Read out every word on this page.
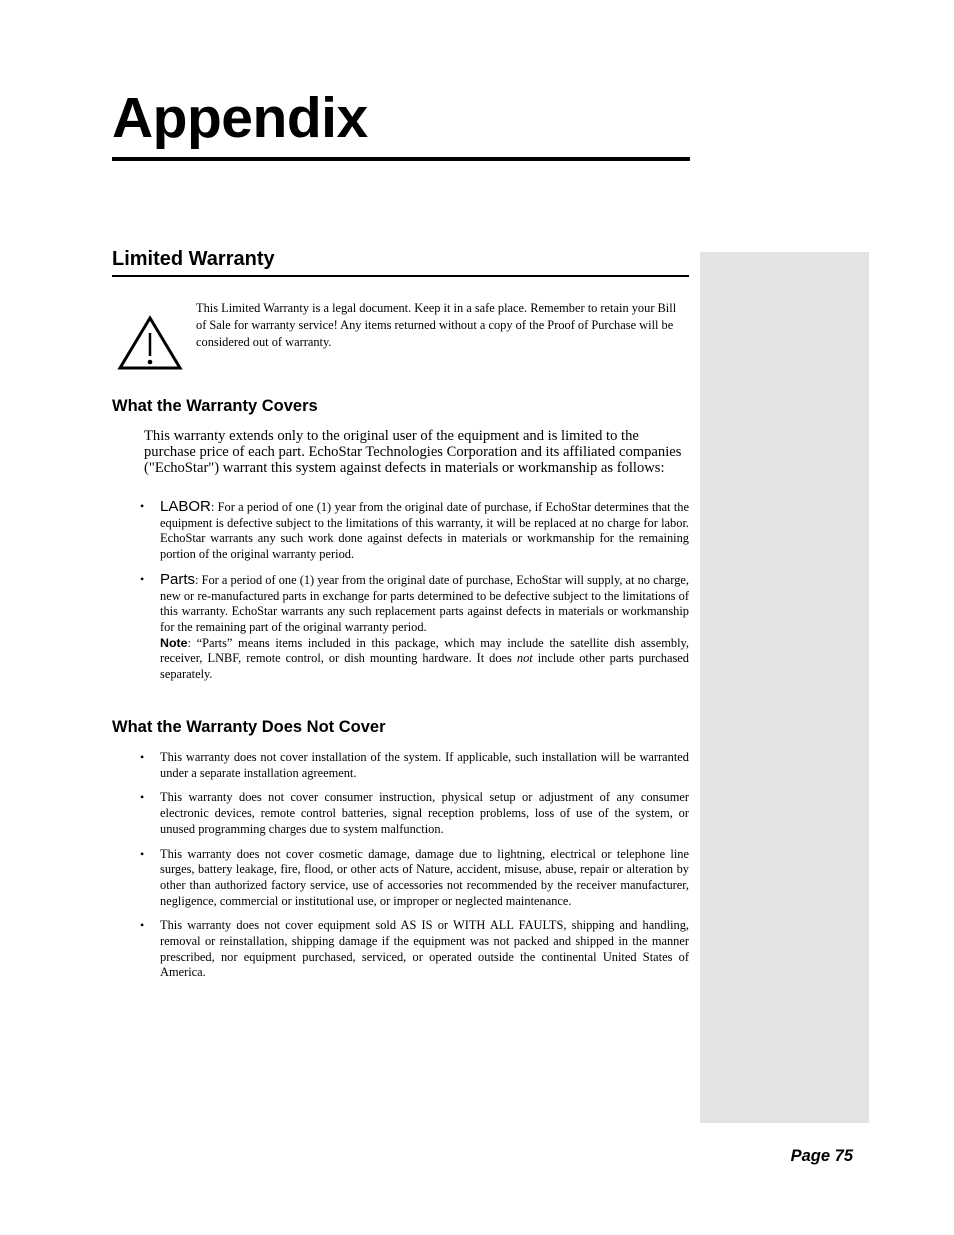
Appendix
Limited Warranty

This Limited Warranty is a legal document. Keep it in a safe place. Remember to retain your Bill of Sale for warranty service! Any items returned without a copy of the Proof of Purchase will be considered out of warranty.

What the Warranty Covers

This warranty extends only to the original user of the equipment and is limited to the purchase price of each part. EchoStar Technologies Corporation and its affiliated companies ("EchoStar") warrant this system against defects in materials or workmanship as follows:

• LABOR: For a period of one (1) year from the original date of purchase, if EchoStar determines that the equipment is defective subject to the limitations of this warranty, it will be replaced at no charge for labor. EchoStar warrants any such work done against defects in materials or workmanship for the remaining portion of the original warranty period.
• Parts: For a period of one (1) year from the original date of purchase, EchoStar will supply, at no charge, new or re-manufactured parts in exchange for parts determined to be defective subject to the limitations of this warranty. EchoStar warrants any such replacement parts against defects in materials or workmanship for the remaining part of the original warranty period.
Note: “Parts” means items included in this package, which may include the satellite dish assembly, receiver, LNBF, remote control, or dish mounting hardware. It does not include other parts purchased separately.
What the Warranty Does Not Cover
• This warranty does not cover installation of the system. If applicable, such installation will be warranted under a separate installation agreement.
• This warranty does not cover consumer instruction, physical setup or adjustment of any consumer electronic devices, remote control batteries, signal reception problems, loss of use of the system, or unused programming charges due to system malfunction.
• This warranty does not cover cosmetic damage, damage due to lightning, electrical or telephone line surges, battery leakage, fire, flood, or other acts of Nature, accident, misuse, abuse, repair or alteration by other than authorized factory service, use of accessories not recommended by the receiver manufacturer, negligence, commercial or institutional use, or improper or neglected maintenance.
• This warranty does not cover equipment sold AS IS or WITH ALL FAULTS, shipping and handling, removal or reinstallation, shipping damage if the equipment was not packed and shipped in the manner prescribed, nor equipment purchased, serviced, or operated outside the continental United States of America.

Page 75
